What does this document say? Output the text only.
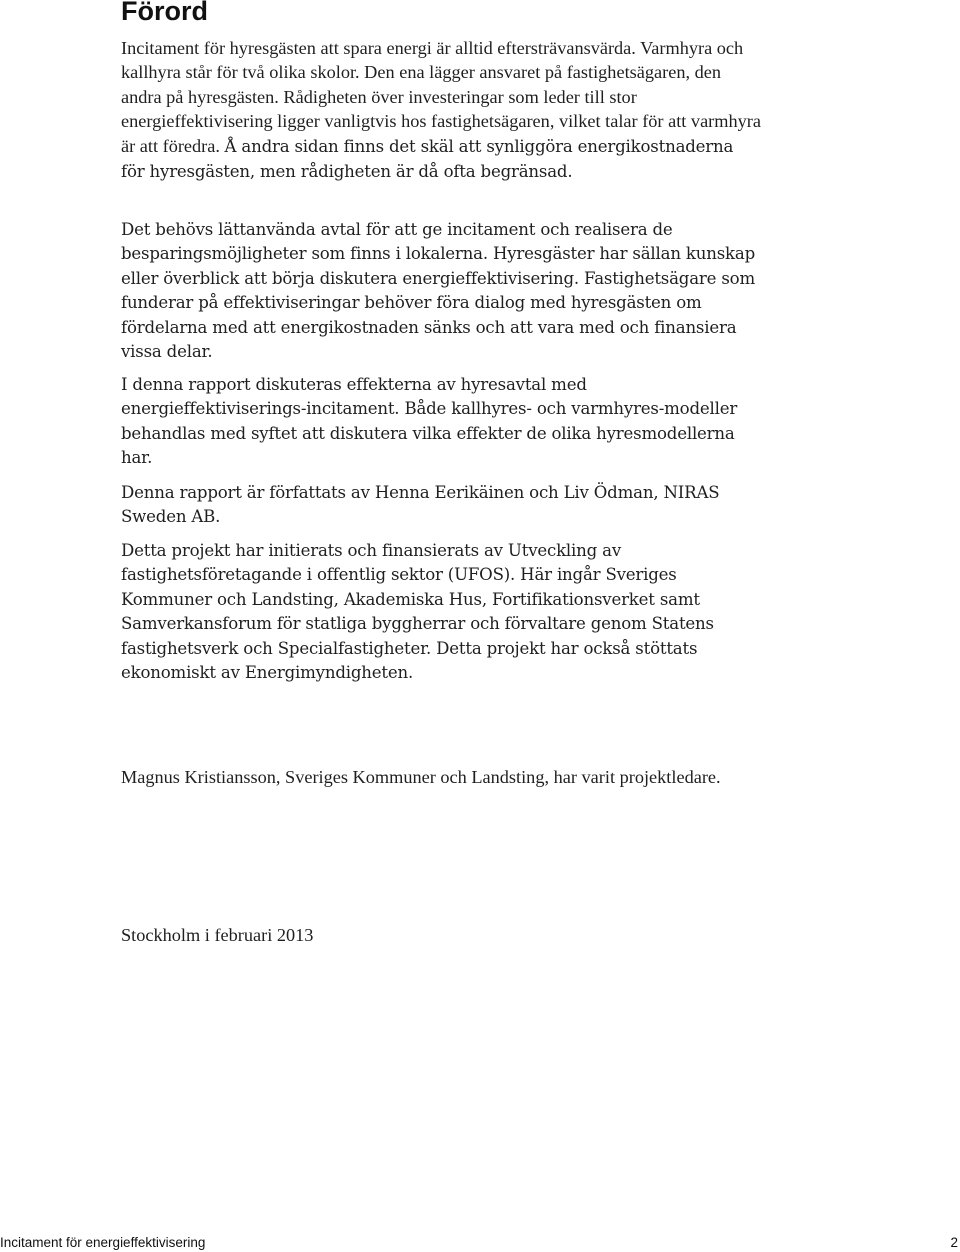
Förord

Incitament för hyresgästen att spara energi är alltid eftersträvansvärda. Varmhyra och kallhyra står för två olika skolor. Den ena lägger ansvaret på fastighetsägaren, den andra på hyresgästen. Rådigheten över investeringar som leder till stor energieffektivisering ligger vanligtvis hos fastighetsägaren, vilket talar för att varmhyra är att föredra. Å andra sidan finns det skäl att synliggöra energikostnaderna för hyresgästen, men rådigheten är då ofta begränsad.

Det behövs lättanvända avtal för att ge incitament och realisera de besparingsmöjligheter som finns i lokalerna. Hyresgäster har sällan kunskap eller överblick att börja diskutera energieffektivisering. Fastighetsägare som funderar på effektiviseringar behöver föra dialog med hyresgästen om fördelarna med att energikostnaden sänks och att vara med och finansiera vissa delar.

I denna rapport diskuteras effekterna av hyresavtal med energieffektiviserings-incitament. Både kallhyres- och varmhyres-modeller behandlas med syftet att diskutera vilka effekter de olika hyresmodellerna har.

Denna rapport är författats av Henna Eerikäinen och Liv Ödman, NIRAS Sweden AB.

Detta projekt har initierats och finansierats av Utveckling av fastighetsföretagande i offentlig sektor (UFOS). Här ingår Sveriges Kommuner och Landsting, Akademiska Hus, Fortifikationsverket samt Samverkansforum för statliga byggherrar och förvaltare genom Statens fastighetsverk och Specialfastigheter. Detta projekt har också stöttats ekonomiskt av Energimyndigheten.

Magnus Kristiansson, Sveriges Kommuner och Landsting, har varit projektledare.

Stockholm i februari 2013

Incitament för energieffektivisering	2
